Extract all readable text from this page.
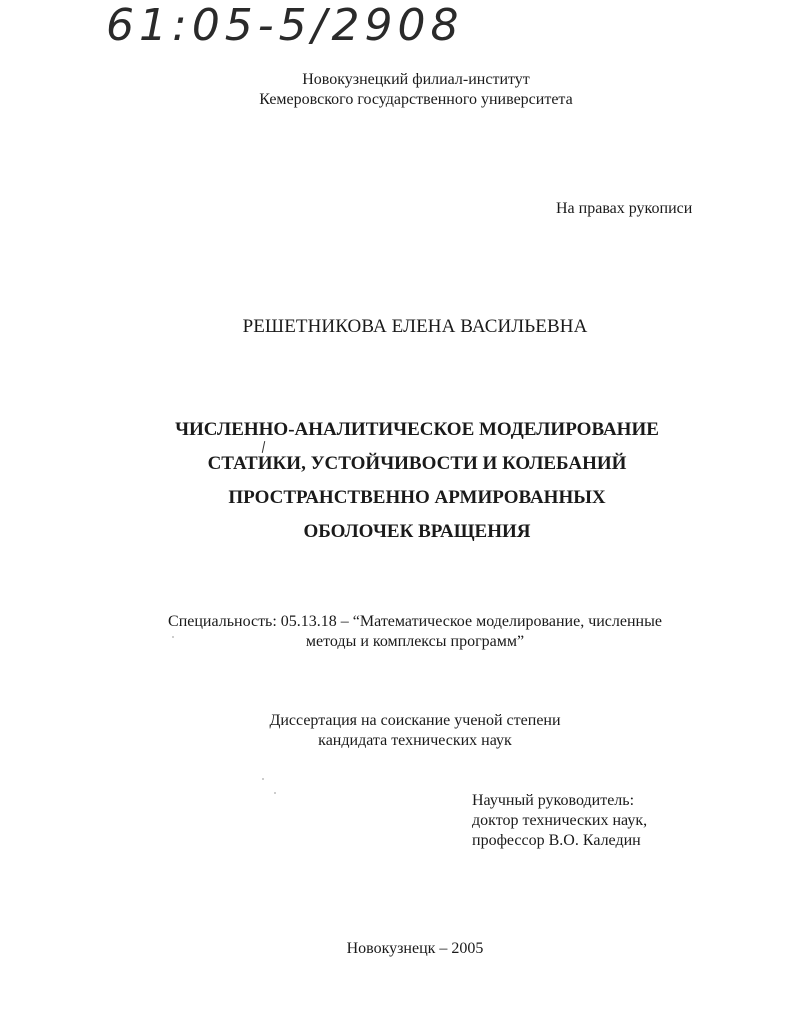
61:05-5/2908
Новокузнецкий филиал-институт
Кемеровского государственного университета
На правах рукописи
РЕШЕТНИКОВА ЕЛЕНА ВАСИЛЬЕВНА
ЧИСЛЕННО-АНАЛИТИЧЕСКОЕ МОДЕЛИРОВАНИЕ
СТАТИКИ, УСТОЙЧИВОСТИ И КОЛЕБАНИЙ
ПРОСТРАНСТВЕННО АРМИРОВАННЫХ
ОБОЛОЧЕК ВРАЩЕНИЯ
Специальность: 05.13.18 – “Математическое моделирование, численные
методы и комплексы программ”
Диссертация на соискание ученой степени
кандидата технических наук
Научный руководитель:
доктор технических наук,
профессор В.О. Каледин
Новокузнецк – 2005
